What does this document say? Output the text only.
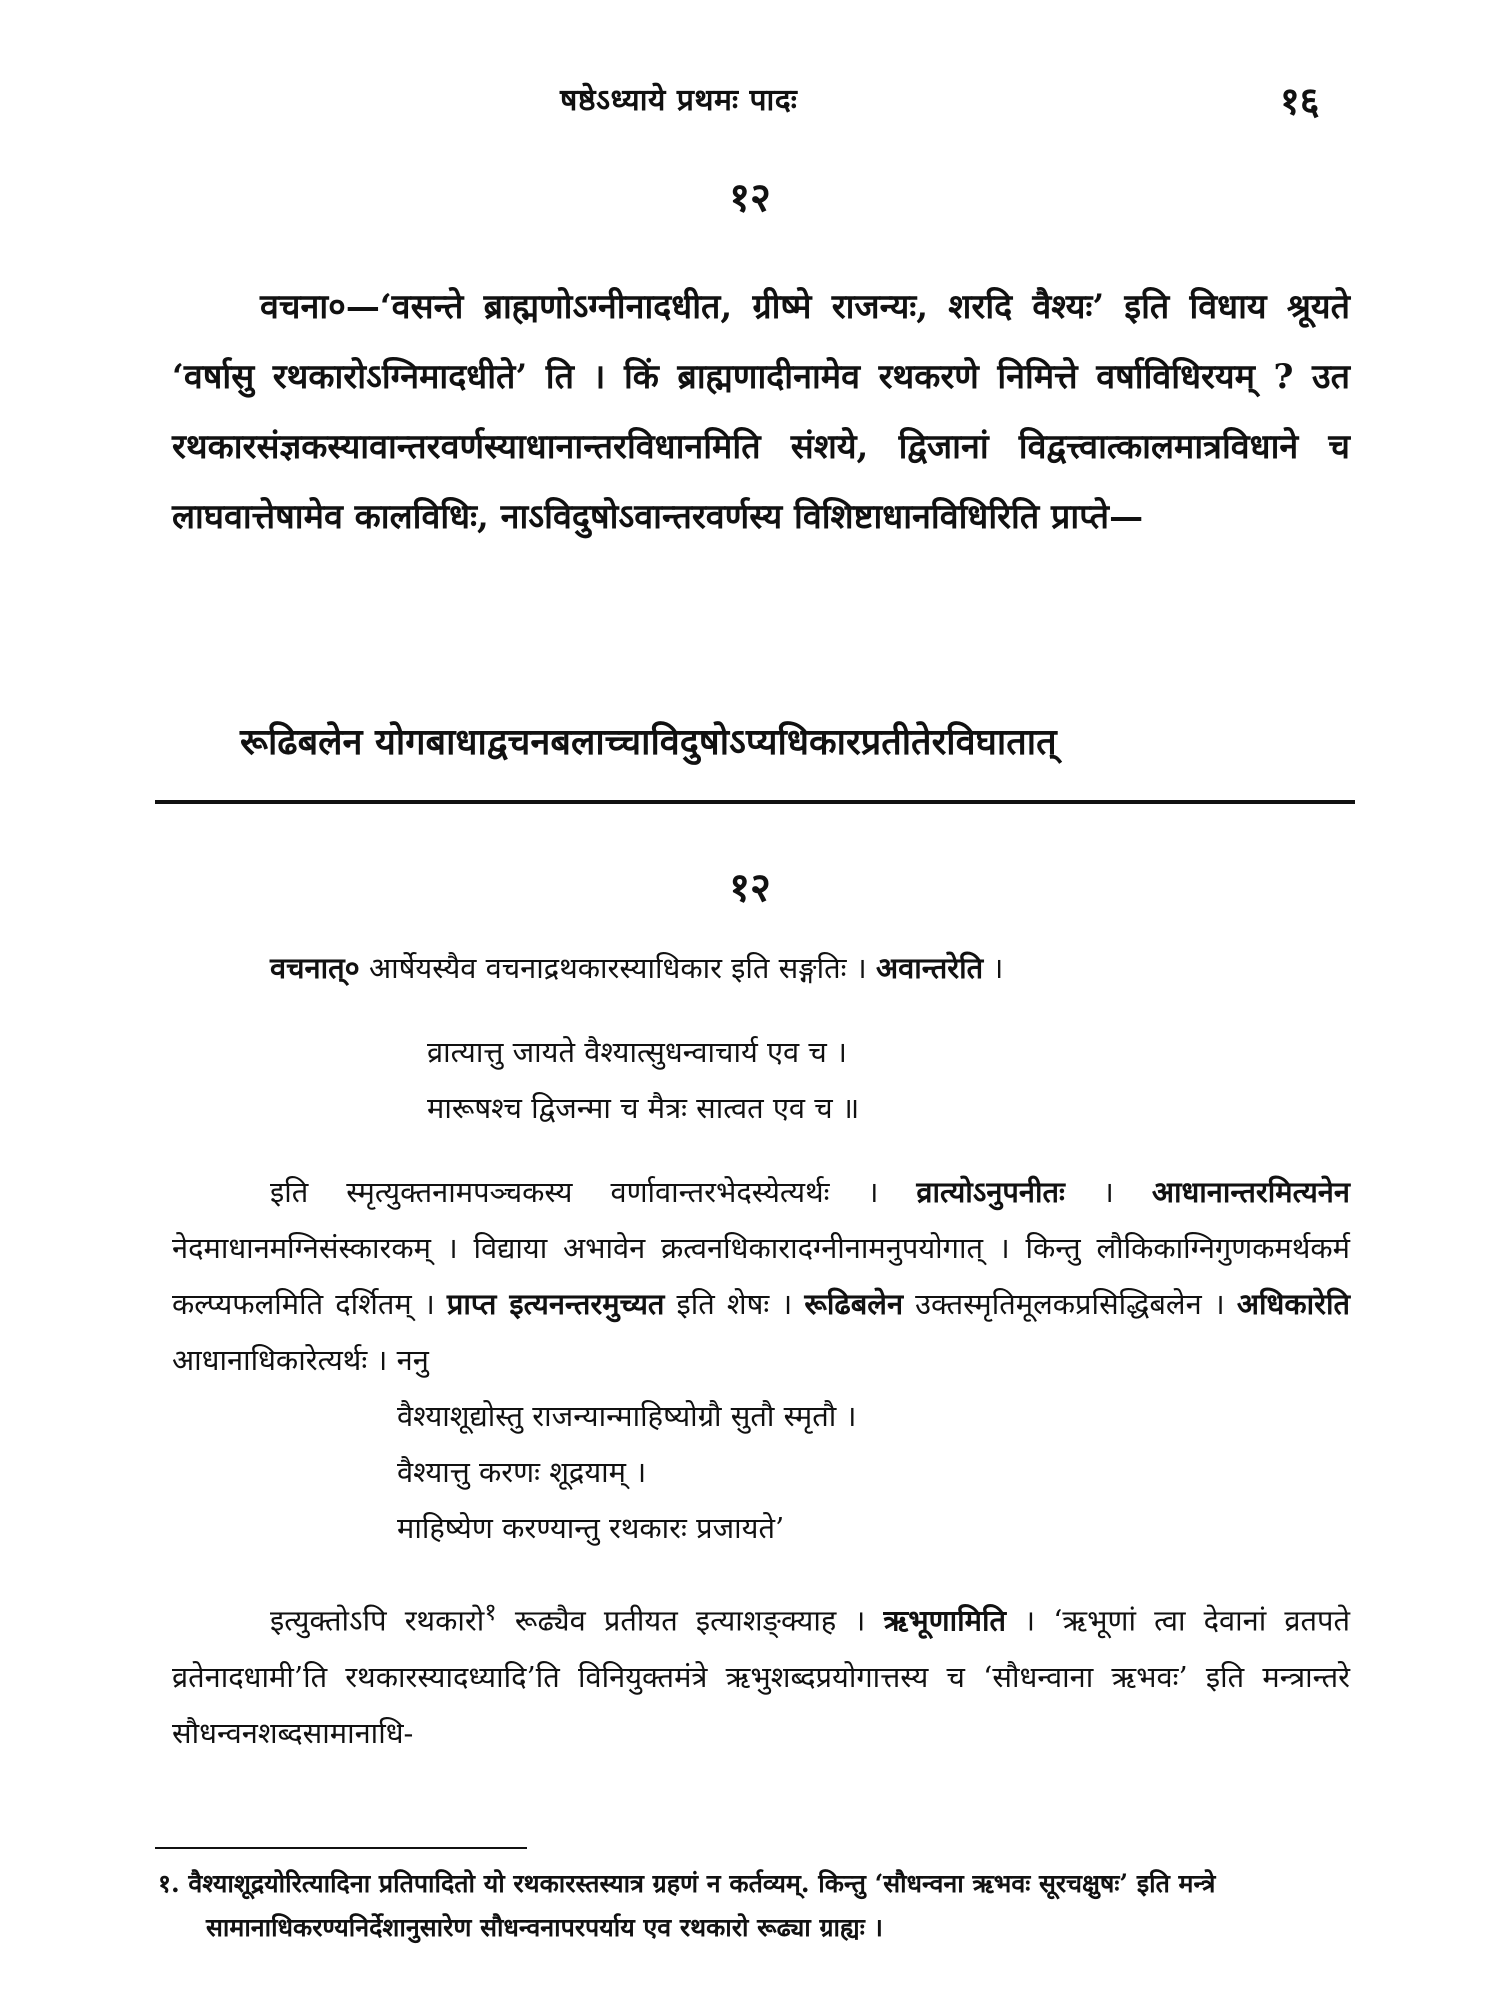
षष्ठेऽध्याये प्रथमः पादः	१६
१२

वचना०—‘वसन्ते ब्राह्मणोऽग्नीनादधीत, ग्रीष्मे राजन्यः, शरदि वैश्यः’ इति विधाय श्रूयते ‘वर्षासु रथकारोऽग्निमादधीते’ ति । किं ब्राह्मणादीनामेव रथकरणे निमित्ते वर्षाविधिरयम् ? उत रथकारसंज्ञकस्यावान्तरवर्णस्याधानान्तरविधानमिति संशये, द्विजानां विद्वत्त्वात्कालमात्रविधाने च लाघवात्तेषामेव कालविधिः, नाऽविदुषोऽवान्तरवर्णस्य विशिष्टाधानविधिरिति प्राप्ते—

रूढिबलेन योगबाधाद्वचनबलाच्चाविदुषोऽप्यधिकारप्रतीतेरविघातात्
१२

वचनात्० आर्षेयस्यैव वचनाद्रथकारस्याधिकार इति सङ्गतिः । अवान्तरेति ।

व्रात्यात्तु जायते वैश्यात्सुधन्वाचार्य एव च ।

मारूषश्च द्विजन्मा च मैत्रः सात्वत एव च ॥

इति स्मृत्युक्तनामपञ्चकस्य वर्णावान्तरभेदस्येत्यर्थः । व्रात्योऽनुपनीतः । आधानान्तरमित्यनेन नेदमाधानमग्निसंस्कारकम् । विद्याया अभावेन क्रत्वनधिकारादग्नीनामनुपयोगात् । किन्तु लौकिकाग्निगुणकमर्थकर्म कल्प्यफलमिति दर्शितम् । प्राप्त इत्यनन्तरमुच्यत इति शेषः । रूढिबलेन उक्तस्मृतिमूलकप्रसिद्धिबलेन । अधिकारेति आधानाधिकारेत्यर्थः । ननु

वैश्याशूद्योस्तु राजन्यान्माहिष्योग्रौ सुतौ स्मृतौ ।

वैश्यात्तु करणः शूद्रयाम् ।

माहिष्येण करण्यान्तु रथकारः प्रजायते’

इत्युक्तोऽपि रथकारो$^१$ रूढ्यैव प्रतीयत इत्याशङ्क्याह । ऋभूणामिति । ‘ऋभूणां त्वा देवानां व्रतपते व्रतेनादधामी’ति रथकारस्यादध्यादि’ति विनियुक्तमंत्रे ऋभुशब्दप्रयोगात्तस्य च ‘सौधन्वाना ऋभवः’ इति मन्त्रान्तरे सौधन्वनशब्दसामानाधि-

१. वैश्याशूद्रयोरित्यादिना प्रतिपादितो यो रथकारस्तस्यात्र ग्रहणं न कर्तव्यम्. किन्तु ‘सौधन्वना ऋभवः सूरचक्षुषः’ इति मन्त्रे सामानाधिकरण्यनिर्देशानुसारेण सौधन्वनापरपर्याय एव रथकारो रूढ्या ग्राह्यः ।
